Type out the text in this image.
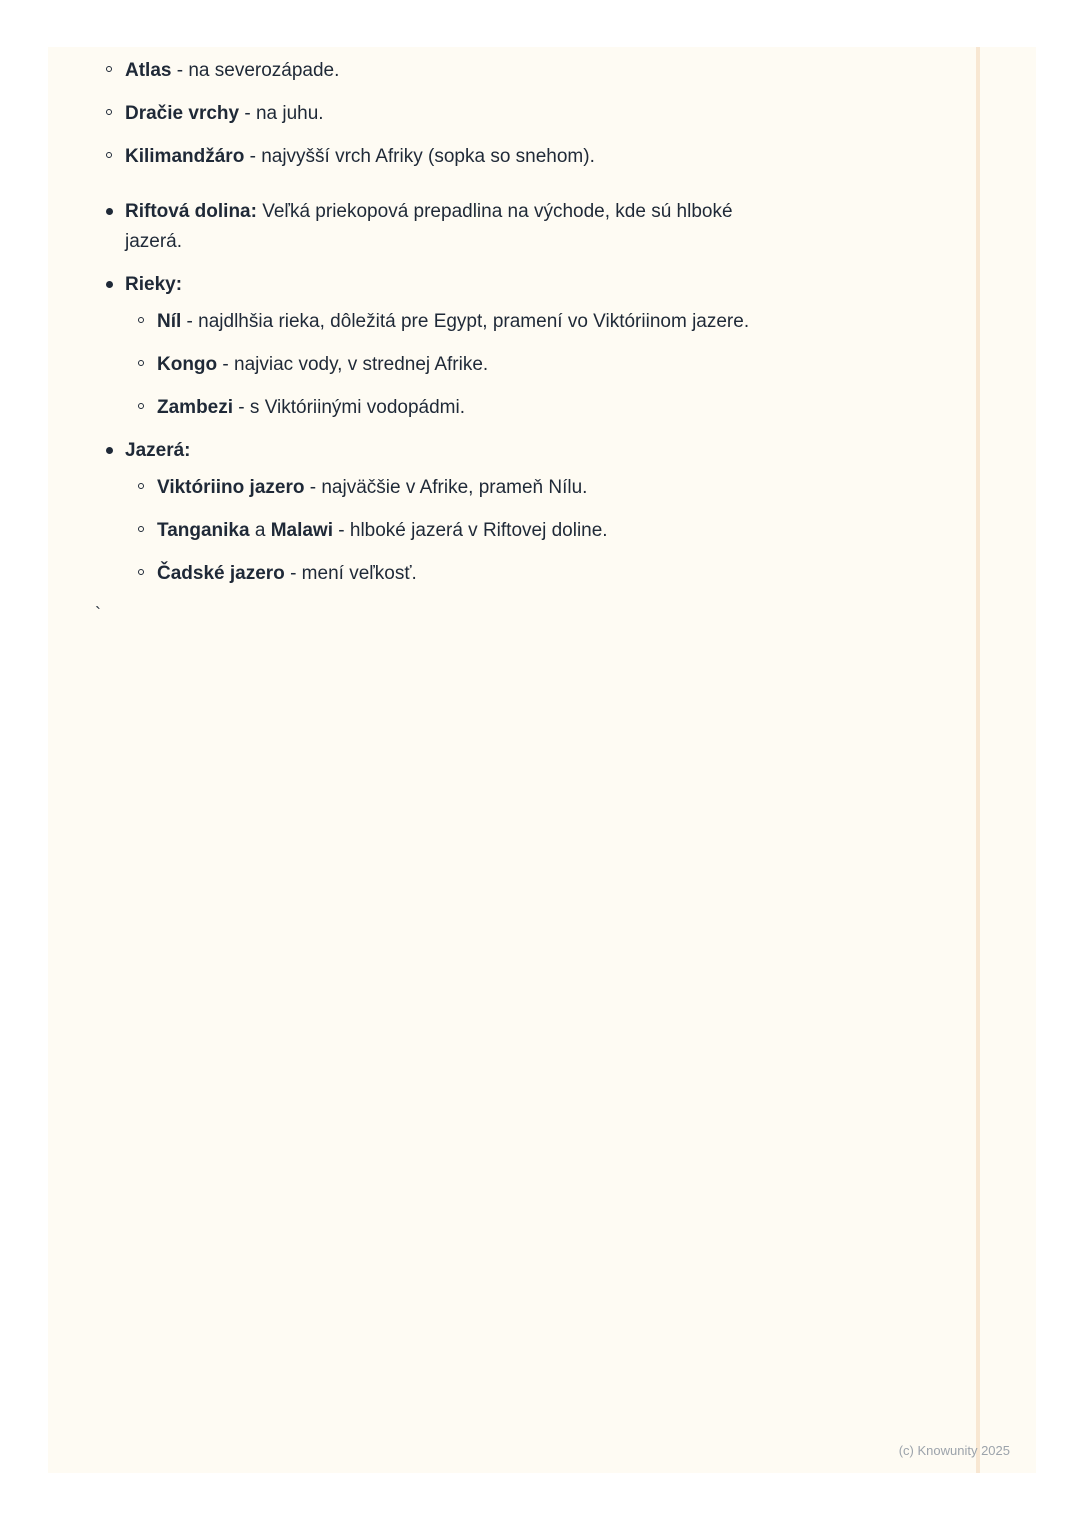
Atlas - na severozápade.
Dračie vrchy - na juhu.
Kilimandžáro - najvyšší vrch Afriky (sopka so snehom).
Riftová dolina: Veľká priekopová prepadlina na východe, kde sú hlboké jazerá.
Rieky:
Níl - najdlhšia rieka, dôležitá pre Egypt, pramení vo Viktóriinom jazere.
Kongo - najviac vody, v strednej Afrike.
Zambezi - s Viktóriinými vodopádmi.
Jazerá:
Viktóriino jazero - najväčšie v Afrike, prameň Nílu.
Tanganika a Malawi - hlboké jazerá v Riftovej doline.
Čadské jazero - mení veľkosť.
`
(c) Knowunity 2025
